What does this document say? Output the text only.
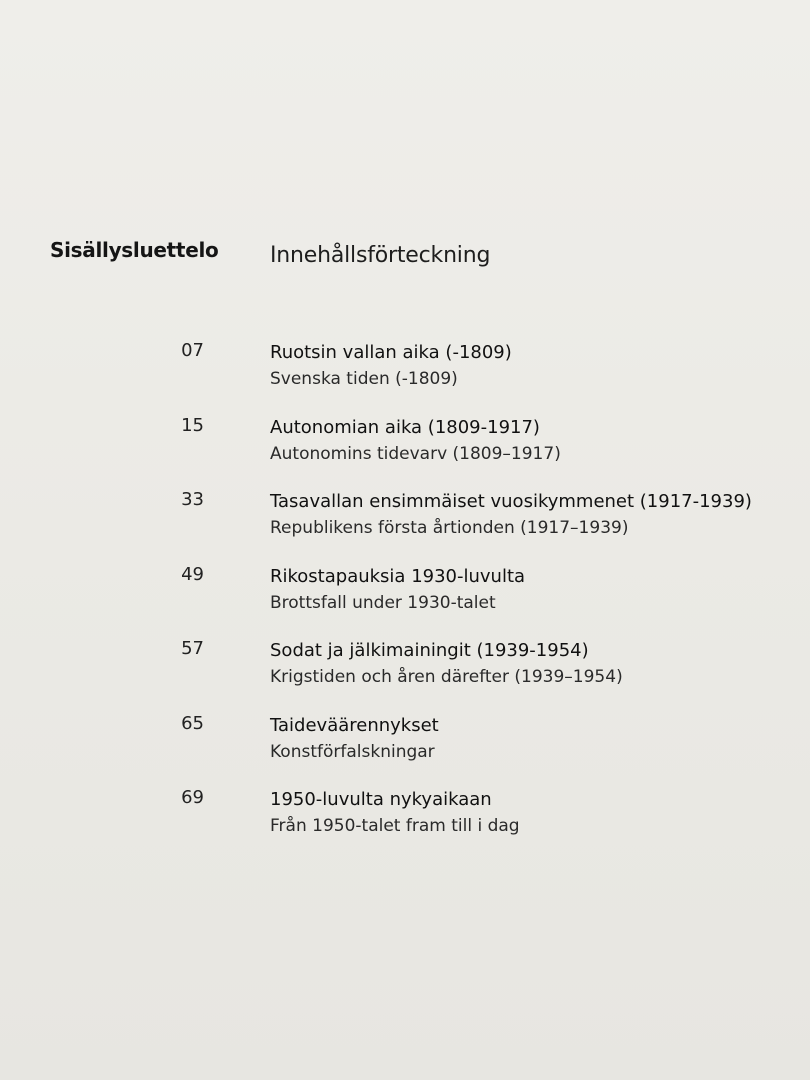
Sisällysluettelo Innehållsförteckning
07	Ruotsin vallan aika (-1809)
Svenska tiden (-1809)
15	Autonomian aika (1809-1917)
Autonomins tidevarv (1809–1917)
33	Tasavallan ensimmäiset vuosikymmenet (1917-1939)
Republikens första årtionden (1917–1939)
49	Rikostapauksia 1930-luvulta
Brottsfall under 1930-talet
57	Sodat ja jälkimainingit (1939-1954)
Krigstiden och åren därefter (1939–1954)
65	Taideväärennykset
Konstförfalskningar
69	1950-luvulta nykyaikaan
Från 1950-talet fram till i dag
